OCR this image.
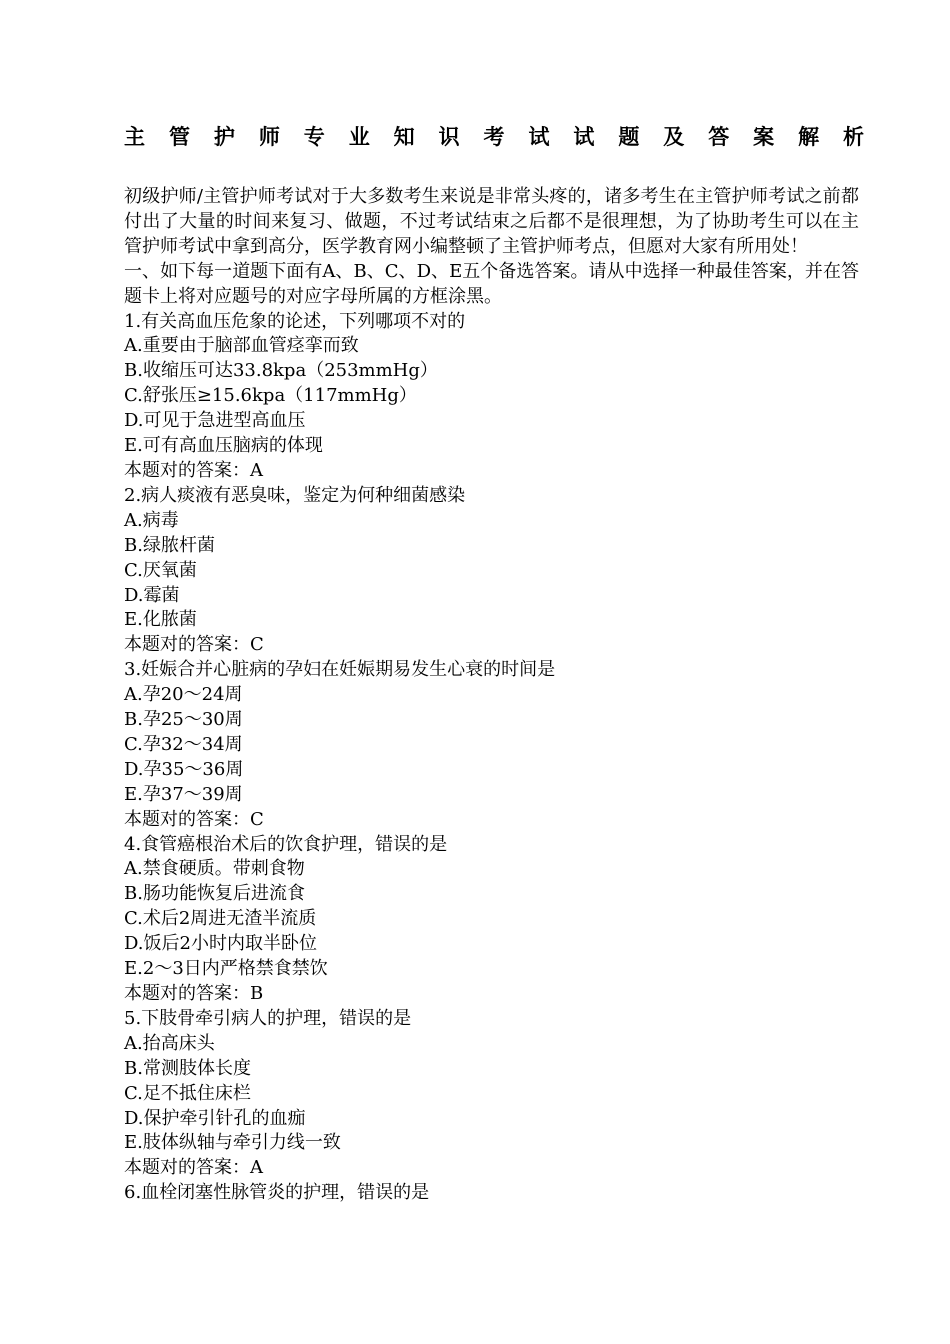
主 管 护 师 专 业 知 识 考 试 试 题 及 答 案 解 析

初级护师/主管护师考试对于大多数考生来说是非常头疼的，诸多考生在主管护师考试之前都付出了大量的时间来复习、做题，不过考试结束之后都不是很理想，为了协助考生可以在主管护师考试中拿到高分，医学教育网小编整顿了主管护师考点，但愿对大家有所用处！

一、如下每一道题下面有A、B、C、D、E五个备选答案。请从中选择一种最佳答案，并在答题卡上将对应题号的对应字母所属的方框涂黑。

1.有关高血压危象的论述，下列哪项不对的

A.重要由于脑部血管痉挛而致

B.收缩压可达33.8kpa（253mmHg）

C.舒张压≥15.6kpa（117mmHg）

D.可见于急进型高血压

E.可有高血压脑病的体现

本题对的答案：A

2.病人痰液有恶臭味，鉴定为何种细菌感染

A.病毒

B.绿脓杆菌

C.厌氧菌

D.霉菌

E.化脓菌

本题对的答案：C

3.妊娠合并心脏病的孕妇在妊娠期易发生心衰的时间是

A.孕20～24周

B.孕25～30周

C.孕32～34周

D.孕35～36周

E.孕37～39周

本题对的答案：C

4.食管癌根治术后的饮食护理，错误的是

A.禁食硬质。带刺食物

B.肠功能恢复后进流食

C.术后2周进无渣半流质

D.饭后2小时内取半卧位

E.2～3日内严格禁食禁饮

本题对的答案：B

5.下肢骨牵引病人的护理，错误的是

A.抬高床头

B.常测肢体长度

C.足不抵住床栏

D.保护牵引针孔的血痂

E.肢体纵轴与牵引力线一致

本题对的答案：A

6.血栓闭塞性脉管炎的护理，错误的是
